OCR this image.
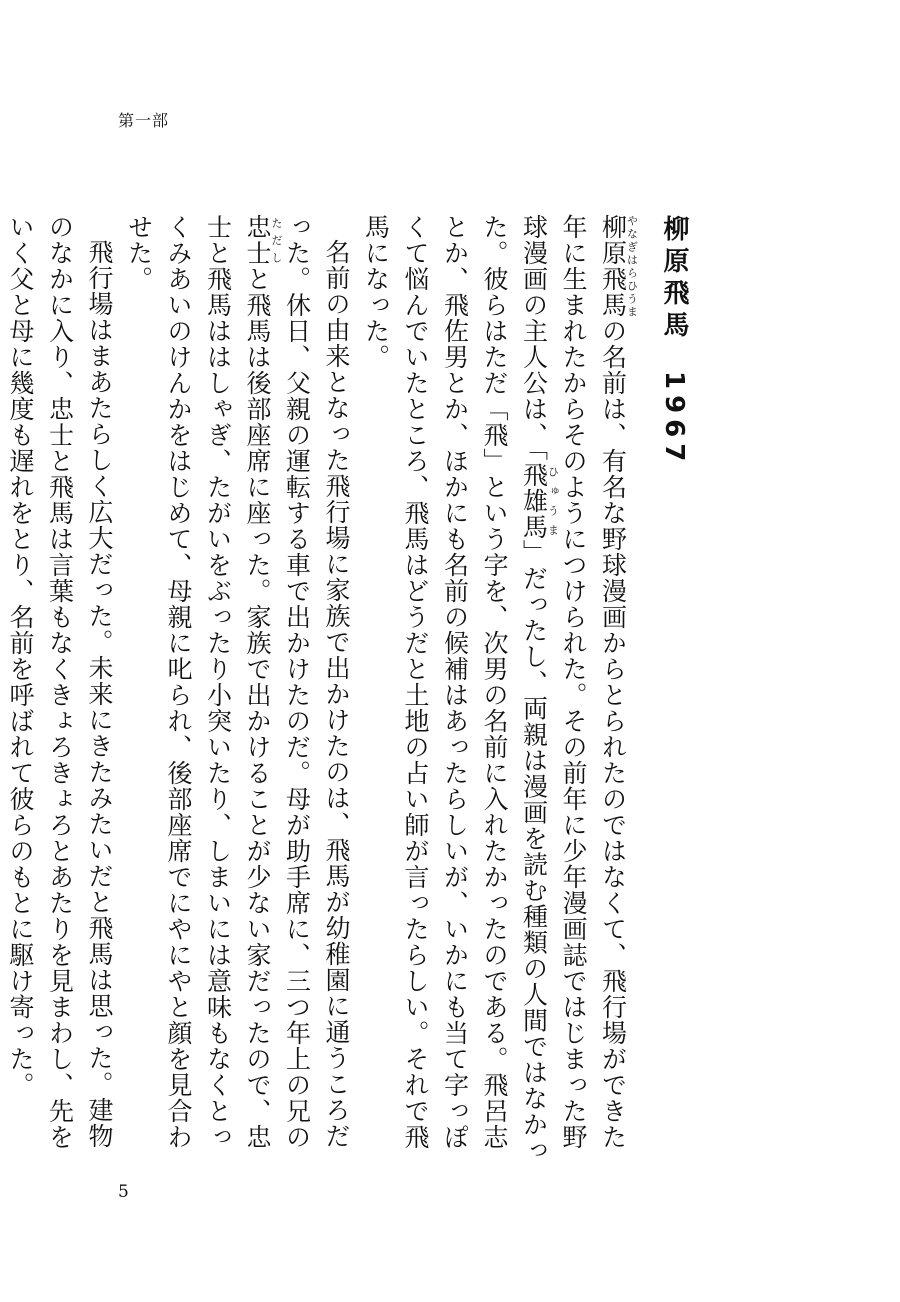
第一部
柳原飛馬1967

柳原飛馬やなぎはらひうまの名前は、有名な野球漫画からとられたのではなくて、飛行場ができた年に生まれたからそのようにつけられた。その前年に少年漫画誌ではじまった野球漫画の主人公は、「飛雄馬ひゅうま」だったし、両親は漫画を読む種類の人間ではなかった。彼らはただ「飛」という字を、次男の名前に入れたかったのである。飛呂志とか、飛佐男とか、ほかにも名前の候補はあったらしいが、いかにも当て字っぽくて悩んでいたところ、飛馬はどうだと土地の占い師が言ったらしい。それで飛馬になった。

名前の由来となった飛行場に家族で出かけたのは、飛馬が幼稚園に通うころだった。休日、父親の運転する車で出かけたのだ。母が助手席に、三つ年上の兄の忠士ただしと飛馬は後部座席に座った。家族で出かけることが少ない家だったので、忠士と飛馬ははしゃぎ、たがいをぶったり小突いたり、しまいには意味もなくとっくみあいのけんかをはじめて、母親に叱られ、後部座席でにやにやと顔を見合わせた。

飛行場はまあたらしく広大だった。未来にきたみたいだと飛馬は思った。建物のなかに入り、忠士と飛馬は言葉もなくきょろきょろとあたりを見まわし、先をいく父と母に幾度も遅れをとり、名前を呼ばれて彼らのもとに駆け寄った。

5
